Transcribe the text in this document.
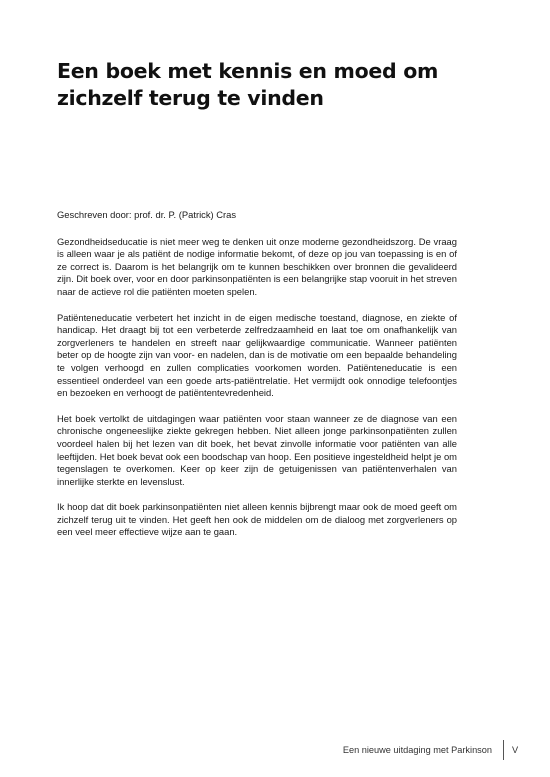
Een boek met kennis en moed om zichzelf terug te vinden

Geschreven door: prof. dr. P. (Patrick) Cras

Gezondheidseducatie is niet meer weg te denken uit onze moderne gezondheidszorg. De vraag is alleen waar je als patiënt de nodige informatie bekomt, of deze op jou van toepassing is en of ze correct is. Daarom is het belangrijk om te kunnen beschikken over bronnen die gevalideerd zijn. Dit boek over, voor en door parkinsonpatiënten is een belangrijke stap vooruit in het streven naar de actieve rol die patiënten moeten spelen.

Patiënteneducatie verbetert het inzicht in de eigen medische toestand, diagnose, en ziekte of handicap. Het draagt bij tot een verbeterde zelfredzaamheid en laat toe om onafhankelijk van zorgverleners te handelen en streeft naar gelijkwaardige communicatie. Wanneer patiënten beter op de hoogte zijn van voor- en nadelen, dan is de motivatie om een bepaalde behandeling te volgen verhoogd en zullen complicaties voorkomen worden. Patiënteneducatie is een essentieel onderdeel van een goede arts-patiëntrelatie. Het vermijdt ook onnodige telefoontjes en bezoeken en verhoogt de patiëntentevredenheid.

Het boek vertolkt de uitdagingen waar patiënten voor staan wanneer ze de diagnose van een chronische ongeneeslijke ziekte gekregen hebben. Niet alleen jonge parkinsonpatiënten zullen voordeel halen bij het lezen van dit boek, het bevat zinvolle informatie voor patiënten van alle leeftijden. Het boek bevat ook een boodschap van hoop. Een positieve ingesteldheid helpt je om tegenslagen te overkomen. Keer op keer zijn de getuigenissen van patiëntenverhalen van innerlijke sterkte en levenslust.

Ik hoop dat dit boek parkinsonpatiënten niet alleen kennis bijbrengt maar ook de moed geeft om zichzelf terug uit te vinden. Het geeft hen ook de middelen om de dialoog met zorgverleners op een veel meer effectieve wijze aan te gaan.

Een nieuwe uitdaging met Parkinson V
